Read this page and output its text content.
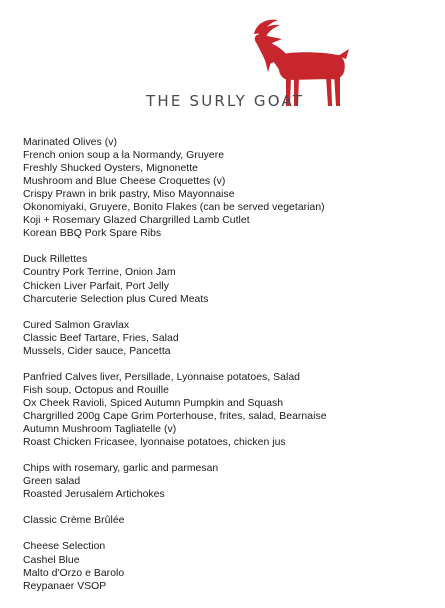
THE SURLY GOAT
Marinated Olives (v)
French onion soup a la Normandy, Gruyere
Freshly Shucked Oysters, Mignonette
Mushroom and Blue Cheese Croquettes (v)
Crispy Prawn in brik pastry, Miso Mayonnaise
Okonomiyaki, Gruyere, Bonito Flakes (can be served vegetarian)
Koji + Rosemary Glazed Chargrilled Lamb Cutlet
Korean BBQ Pork Spare Ribs
Duck Rillettes
Country Pork Terrine, Onion Jam
Chicken Liver Parfait, Port Jelly
Charcuterie Selection plus Cured Meats
Cured Salmon Gravlax
Classic Beef Tartare, Fries, Salad
Mussels, Cider sauce, Pancetta
Panfried Calves liver, Persillade, Lyonnaise potatoes, Salad
Fish soup, Octopus and Rouille
Ox Cheek Ravioli, Spiced Autumn Pumpkin and Squash
Chargrilled 200g Cape Grim Porterhouse, frites, salad, Bearnaise
Autumn Mushroom Tagliatelle (v)
Roast Chicken Fricasee, lyonnaise potatoes, chicken jus
Chips with rosemary, garlic and parmesan
Green salad
Roasted Jerusalem Artichokes
Classic Crème Brûlée
Cheese Selection
Cashel Blue
Malto d'Orzo e Barolo
Reypanaer VSOP
